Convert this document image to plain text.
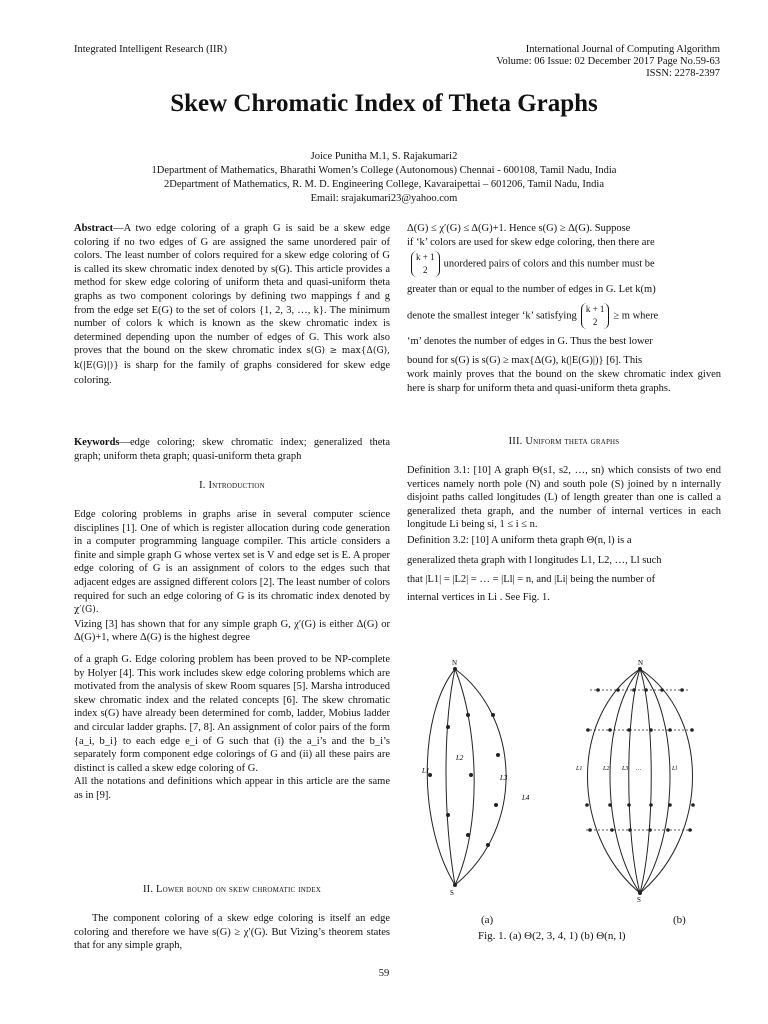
Integrated Intelligent Research (IIR)	International Journal of Computing Algorithm
Volume: 06 Issue: 02 December 2017 Page No.59-63
ISSN: 2278-2397
Skew Chromatic Index of Theta Graphs
Joice Punitha M.1, S. Rajakumari2
1Department of Mathematics, Bharathi Women’s College (Autonomous) Chennai - 600108, Tamil Nadu, India
2Department of Mathematics, R. M. D. Engineering College, Kavaraipettai – 601206, Tamil Nadu, India
Email: srajakumari23@yahoo.com

Abstract—A two edge coloring of a graph G is said be a skew edge coloring if no two edges of G are assigned the same unordered pair of colors. The least number of colors required for a skew edge coloring of G is called its skew chromatic index denoted by s(G). This article provides a method for skew edge coloring of uniform theta and quasi-uniform theta graphs as two component colorings by defining two mappings f and g from the edge set E(G) to the set of colors {1, 2, 3, …, k}. The minimum number of colors k which is known as the skew chromatic index is determined depending upon the number of edges of G. This work also proves that the bound on the skew chromatic index s(G) ≥ max{Δ(G), k(|E(G)|)} is sharp for the family of graphs considered for skew edge coloring.

Keywords—edge coloring; skew chromatic index; generalized theta graph; uniform theta graph; quasi-uniform theta graph

I. Introduction

Edge coloring problems in graphs arise in several computer science disciplines [1]. One of which is register allocation during code generation in a computer programming language compiler. This article considers a finite and simple graph G whose vertex set is V and edge set is E. A proper edge coloring of G is an assignment of colors to the edges such that adjacent edges are assigned different colors [2]. The least number of colors required for such an edge coloring of G is its chromatic index denoted by χ′(G).

Vizing [3] has shown that for any simple graph G, χ′(G) is either Δ(G) or Δ(G)+1, where Δ(G) is the highest degree

of a graph G. Edge coloring problem has been proved to be NP-complete by Holyer [4]. This work includes skew edge coloring problems which are motivated from the analysis of skew Room squares [5]. Marsha introduced skew chromatic index and the related concepts [6]. The skew chromatic index s(G) have already been determined for comb, ladder, Mobius ladder and circular ladder graphs. [7, 8]. An assignment of color pairs of the form {a_i, b_i} to each edge e_i of G such that (i) the a_i’s and the b_i’s separately form component edge colorings of G and (ii) all these pairs are distinct is called a skew edge coloring of G.

All the notations and definitions which appear in this article are the same as in [9].

II. Lower bound on skew chromatic index
The component coloring of a skew edge coloring is itself an edge coloring and therefore we have s(G) ≥ χ′(G). But Vizing’s theorem states that for any simple graph,

Δ(G) ≤ χ′(G) ≤ Δ(G)+1. Hence s(G) ≥ Δ(G). Suppose

if ‘k’ colors are used for skew edge coloring, then there are

k + 1
2unordered pairs of colors and this number must be

greater than or equal to the number of edges in G. Let k(m)

denote the smallest integer ‘k’ satisfyingk + 1
2≥ m where

‘m’ denotes the number of edges in G. Thus the best lower

bound for s(G) is s(G) ≥ max{Δ(G), k(|E(G)|)} [6]. This

work mainly proves that the bound on the skew chromatic index given here is sharp for uniform theta and quasi-uniform theta graphs.

III. Uniform theta graphs

Definition 3.1: [10] A graph Θ(s1, s2, …, sn) which consists of two end vertices namely north pole (N) and south pole (S) joined by n internally disjoint paths called longitudes (L) of length greater than one is called a generalized theta graph, and the number of internal vertices in each longitude Li being si, 1 ≤ i ≤ n.

Definition 3.2: [10] A uniform theta graph Θ(n, l) is a

generalized theta graph with l longitudes L1, L2, …, Ll such

that |L1| = |L2| = … = |Ll| = n, and |Li| being the number of

internal vertices in Li . See Fig. 1.

N
S
L1
L2
L3
L4
N
S
L1	L2 L3	Ll
…
(a)	(b)
Fig. 1. (a) Θ(2, 3, 4, 1) (b) Θ(n, l)
59
